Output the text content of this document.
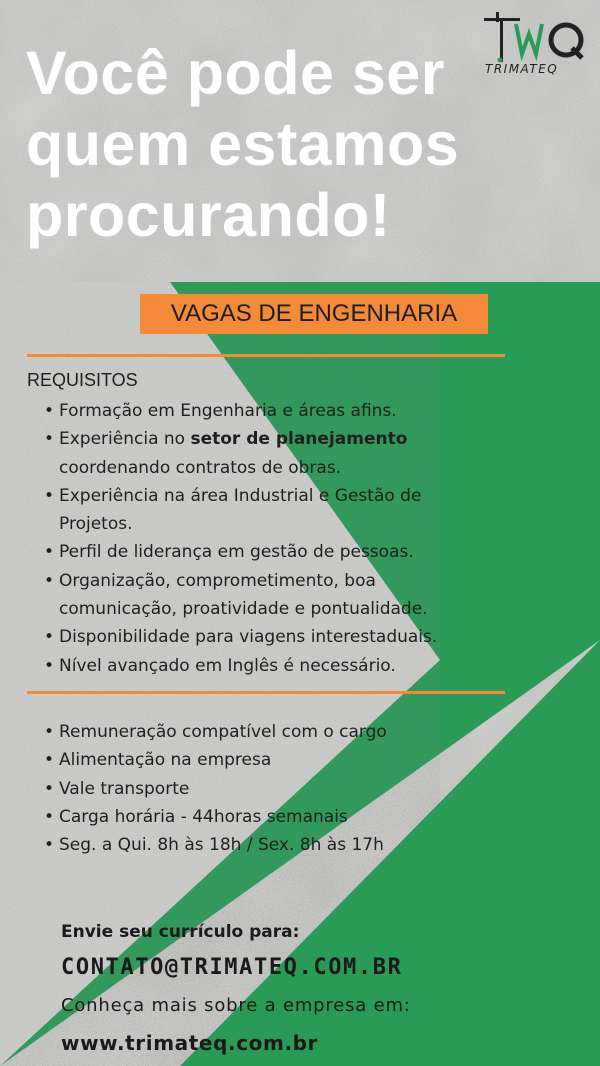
Você pode ser
quem estamos
procurando!
TRIMATEQ
VAGAS DE ENGENHARIA
REQUISITOS
• Formação em Engenharia e áreas afins.
• Experiência no setor de planejamento
coordenando contratos de obras.
• Experiência na área Industrial e Gestão de
Projetos.
• Perfil de liderança em gestão de pessoas.
• Organização, comprometimento, boa
comunicação, proatividade e pontualidade.
• Disponibilidade para viagens interestaduais.
• Nível avançado em Inglês é necessário.
• Remuneração compatível com o cargo
• Alimentação na empresa
• Vale transporte
• Carga horária - 44horas semanais
• Seg. a Qui. 8h às 18h / Sex. 8h às 17h
Envie seu currículo para:
CONTATO@TRIMATEQ.COM.BR
Conheça mais sobre a empresa em:
www.trimateq.com.br
